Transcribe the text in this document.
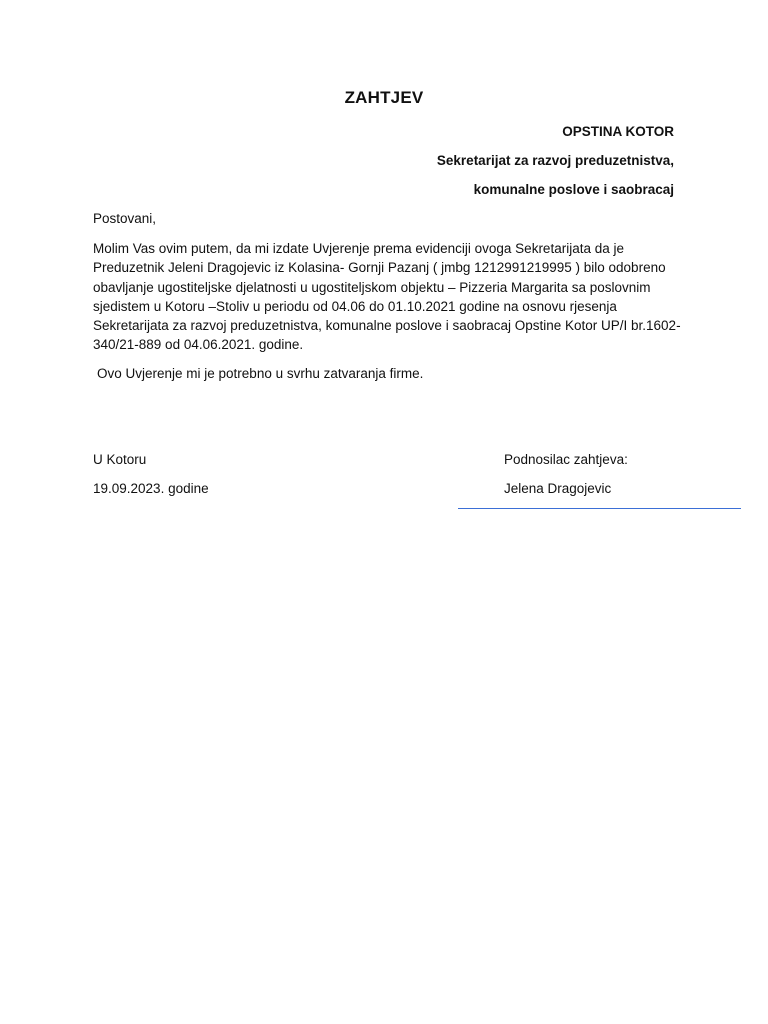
ZAHTJEV
OPSTINA KOTOR
Sekretarijat za razvoj preduzetnistva,
komunalne poslove i saobracaj
Postovani,
Molim Vas ovim putem, da mi izdate Uvjerenje prema evidenciji ovoga Sekretarijata da je Preduzetnik Jeleni Dragojevic iz Kolasina- Gornji Pazanj ( jmbg 1212991219995 ) bilo odobreno obavljanje ugostiteljske djelatnosti u ugostiteljskom objektu – Pizzeria Margarita sa poslovnim sjedistem u Kotoru –Stoliv u periodu od 04.06 do 01.10.2021 godine na osnovu rjesenja Sekretarijata za razvoj preduzetnistva, komunalne poslove i saobracaj Opstine Kotor UP/I br.1602-340/21-889 od 04.06.2021. godine.
Ovo Uvjerenje mi je potrebno u svrhu zatvaranja firme.
U Kotoru
19.09.2023. godine
Podnosilac zahtjeva:
Jelena Dragojevic
